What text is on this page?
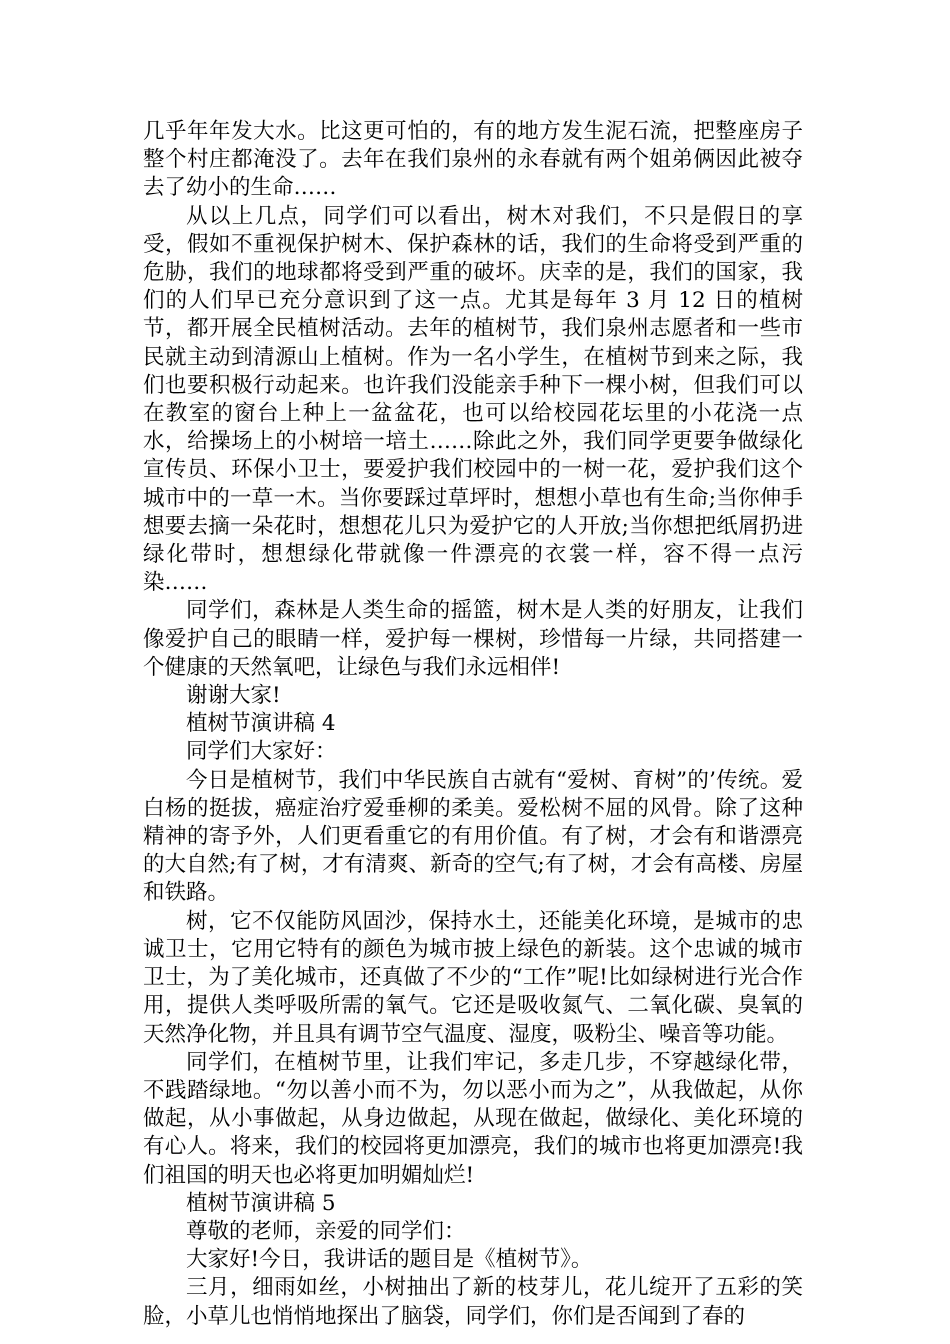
几乎年年发大水。比这更可怕的，有的地方发生泥石流，把整座房子整个村庄都淹没了。去年在我们泉州的永春就有两个姐弟俩因此被夺去了幼小的生命……

从以上几点，同学们可以看出，树木对我们，不只是假日的享受，假如不重视保护树木、保护森林的话，我们的生命将受到严重的危胁，我们的地球都将受到严重的破坏。庆幸的是，我们的国家，我们的人们早已充分意识到了这一点。尤其是每年 3 月 12 日的植树节，都开展全民植树活动。去年的植树节，我们泉州志愿者和一些市民就主动到清源山上植树。作为一名小学生，在植树节到来之际，我们也要积极行动起来。也许我们没能亲手种下一棵小树，但我们可以在教室的窗台上种上一盆盆花，也可以给校园花坛里的小花浇一点水，给操场上的小树培一培土……除此之外，我们同学更要争做绿化宣传员、环保小卫士，要爱护我们校园中的一树一花，爱护我们这个城市中的一草一木。当你要踩过草坪时，想想小草也有生命;当你伸手想要去摘一朵花时，想想花儿只为爱护它的人开放;当你想把纸屑扔进绿化带时，想想绿化带就像一件漂亮的衣裳一样，容不得一点污染……

同学们，森林是人类生命的摇篮，树木是人类的好朋友，让我们像爱护自己的眼睛一样，爱护每一棵树，珍惜每一片绿，共同搭建一个健康的天然氧吧，让绿色与我们永远相伴!

谢谢大家!

植树节演讲稿 4

同学们大家好：

今日是植树节，我们中华民族自古就有“爱树、育树”的’传统。爱白杨的挺拔，癌症治疗爱垂柳的柔美。爱松树不屈的风骨。除了这种精神的寄予外，人们更看重它的有用价值。有了树，才会有和谐漂亮的大自然;有了树，才有清爽、新奇的空气;有了树，才会有高楼、房屋和铁路。

树，它不仅能防风固沙，保持水土，还能美化环境，是城市的忠诚卫士，它用它特有的颜色为城市披上绿色的新装。这个忠诚的城市卫士，为了美化城市，还真做了不少的“工作”呢!比如绿树进行光合作用，提供人类呼吸所需的氧气。它还是吸收氮气、二氧化碳、臭氧的天然净化物，并且具有调节空气温度、湿度，吸粉尘、噪音等功能。

同学们，在植树节里，让我们牢记，多走几步，不穿越绿化带，不践踏绿地。“勿以善小而不为，勿以恶小而为之”，从我做起，从你做起，从小事做起，从身边做起，从现在做起，做绿化、美化环境的有心人。将来，我们的校园将更加漂亮，我们的城市也将更加漂亮!我们祖国的明天也必将更加明媚灿烂!

植树节演讲稿 5

尊敬的老师，亲爱的同学们：

大家好!今日，我讲话的题目是《植树节》。

三月，细雨如丝，小树抽出了新的枝芽儿，花儿绽开了五彩的笑脸，小草儿也悄悄地探出了脑袋，同学们，你们是否闻到了春的
